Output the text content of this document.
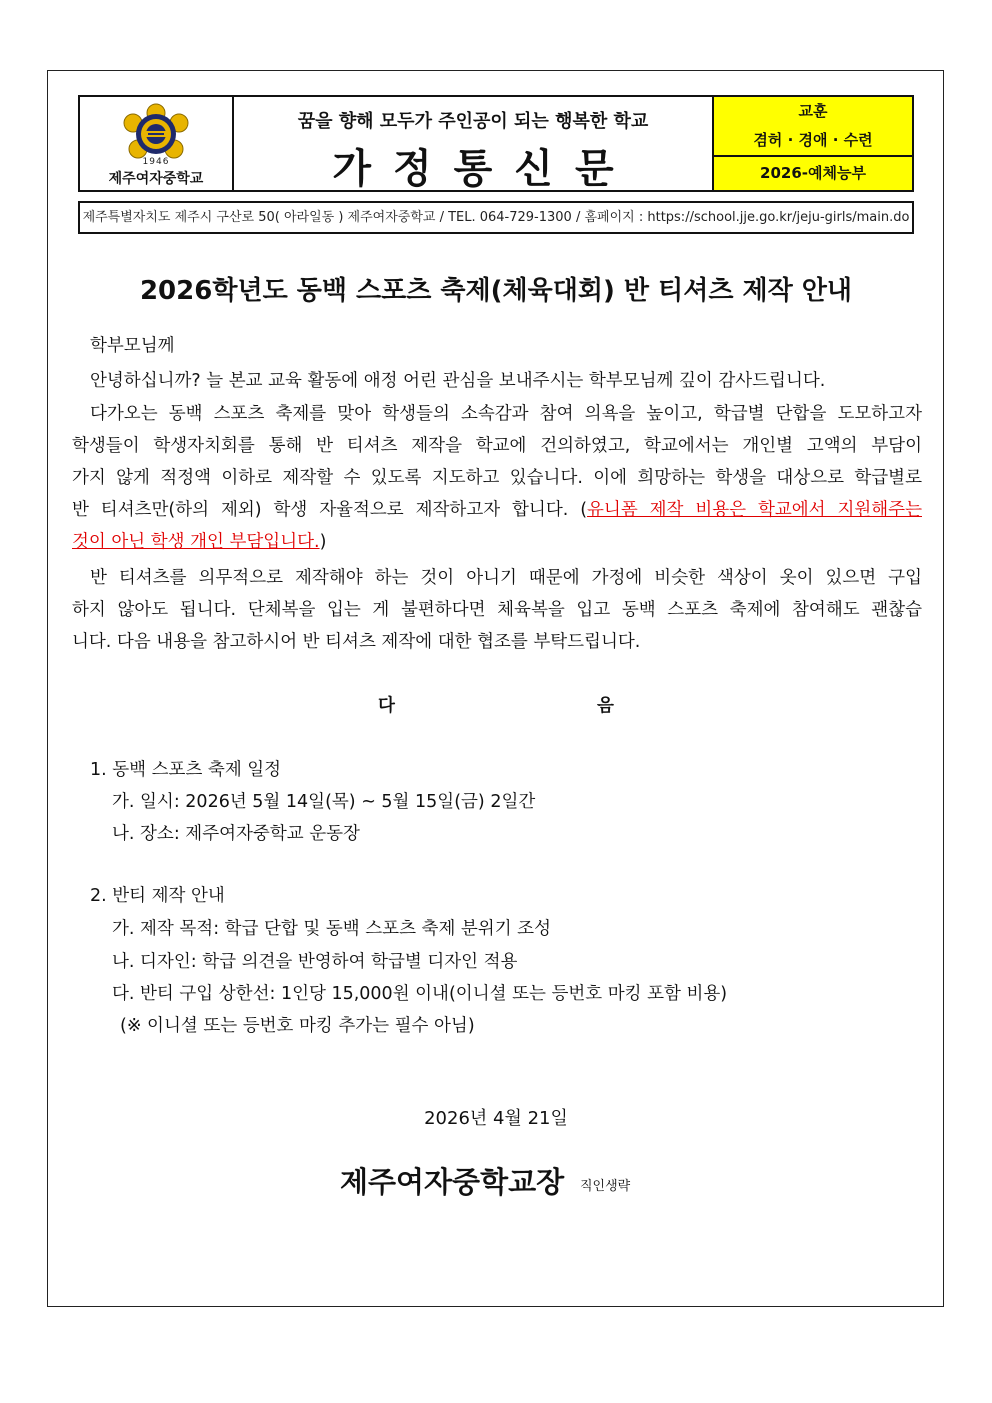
1946
제주여자중학교
꿈을 향해 모두가 주인공이 되는 행복한 학교
가정통신문
교훈
겸허 · 경애 · 수련
2026-예체능부
제주특별자치도 제주시 구산로 50( 아라일동 ) 제주여자중학교 / TEL. 064-729-1300 / 홈페이지 : https://school.jje.go.kr/jeju-girls/main.do
2026학년도 동백 스포츠 축제(체육대회) 반 티셔츠 제작 안내
학부모님께
안녕하십니까? 늘 본교 교육 활동에 애정 어린 관심을 보내주시는 학부모님께 깊이 감사드립니다.

다가오는 동백 스포츠 축제를 맞아 학생들의 소속감과 참여 의욕을 높이고, 학급별 단합을 도모하고자

학생들이 학생자치회를 통해 반 티셔츠 제작을 학교에 건의하였고, 학교에서는 개인별 고액의 부담이

가지 않게 적정액 이하로 제작할 수 있도록 지도하고 있습니다. 이에 희망하는 학생을 대상으로 학급별로

반 티셔츠만(하의 제외) 학생 자율적으로 제작하고자 합니다. (유니폼 제작 비용은 학교에서 지원해주는

것이 아닌 학생 개인 부담입니다.)

반 티셔츠를 의무적으로 제작해야 하는 것이 아니기 때문에 가정에 비슷한 색상이 옷이 있으면 구입

하지 않아도 됩니다. 단체복을 입는 게 불편하다면 체육복을 입고 동백 스포츠 축제에 참여해도 괜찮습

니다. 다음 내용을 참고하시어 반 티셔츠 제작에 대한 협조를 부탁드립니다.
다	음
1. 동백 스포츠 축제 일정
가. 일시: 2026년 5월 14일(목) ~ 5월 15일(금) 2일간
나. 장소: 제주여자중학교 운동장
2. 반티 제작 안내
가. 제작 목적: 학급 단합 및 동백 스포츠 축제 분위기 조성
나. 디자인: 학급 의견을 반영하여 학급별 디자인 적용
다. 반티 구입 상한선: 1인당 15,000원 이내(이니셜 또는 등번호 마킹 포함 비용)
(※ 이니셜 또는 등번호 마킹 추가는 필수 아님)
2026년 4월 21일
제주여자중학교장 직인생략
